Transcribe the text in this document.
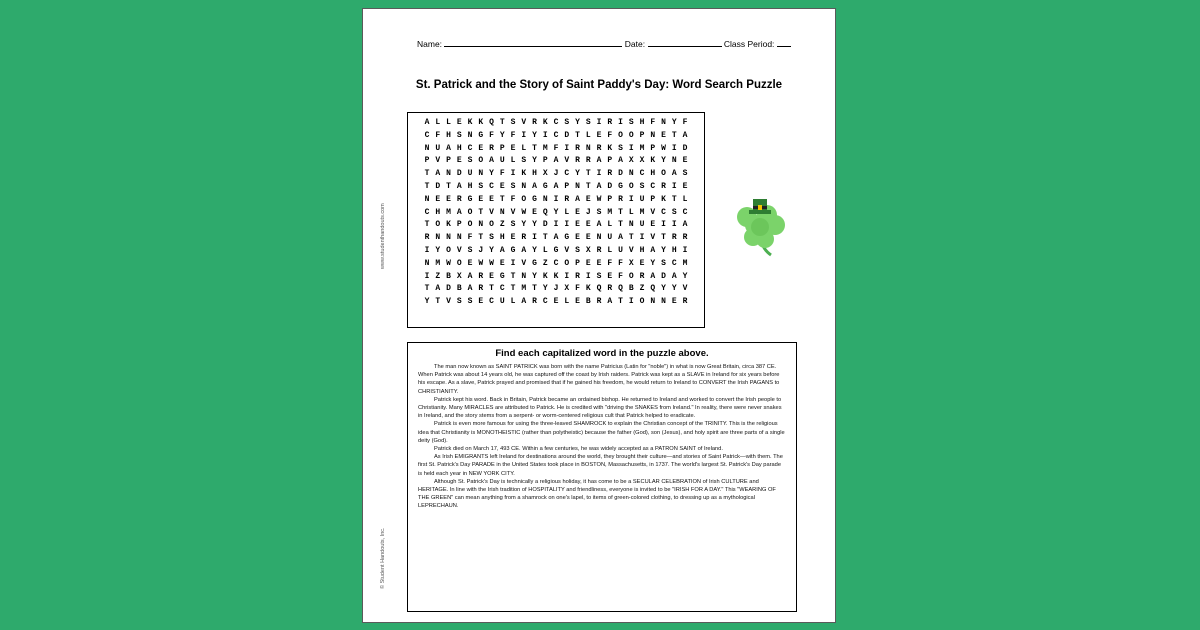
Name:	Date:	Class Period:
St. Patrick and the Story of Saint Paddy's Day: Word Search Puzzle
www.studenthandouts.com
© Student Handouts, Inc.
A L L E K K Q T S V R K C S Y S I R I S H F N Y F
C F H S N G F Y F I Y I C D T L E F O O P N E T A
N U A H C E R P E L T M F I R N R K S I M P W I D
P V P E S O A U L S Y P A V R R A P A X X K Y N E
T A N D U N Y F I K H X J C Y T I R D N C H O A S
T D T A H S C E S N A G A P N T A D G O S C R I E
N E E R G E E T F O G N I R A E W P R I U P K T L
C H M A O T V N V W E Q Y L E J S M T L M V C S C
T O K P O N O Z S Y Y D I I E E A L T N U E I I A
R N N N F T S H E R I T A G E E N U A T I V T R R
I Y O V S J Y A G A Y L G V S X R L U V H A Y H I
N M W O E W W E I V G Z C O P E E F F X E Y S C M
I Z B X A R E G T N Y K K I R I S E F O R A D A Y
T A D B A R T C T M T Y J X F K Q R Q B Z Q Y Y V
Y T V S S E C U L A R C E L E B R A T I O N N E R
Find each capitalized word in the puzzle above.

The man now known as SAINT PATRICK was born with the name Patricius (Latin for "noble") in what is now Great Britain, circa 387 CE. When Patrick was about 14 years old, he was captured off the coast by Irish raiders. Patrick was kept as a SLAVE in Ireland for six years before his escape. As a slave, Patrick prayed and promised that if he gained his freedom, he would return to Ireland to CONVERT the Irish PAGANS to CHRISTIANITY.

Patrick kept his word. Back in Britain, Patrick became an ordained bishop. He returned to Ireland and worked to convert the Irish people to Christianity. Many MIRACLES are attributed to Patrick. He is credited with "driving the SNAKES from Ireland." In reality, there were never snakes in Ireland, and the story stems from a serpent- or worm-centered religious cult that Patrick helped to eradicate.

Patrick is even more famous for using the three-leaved SHAMROCK to explain the Christian concept of the TRINITY. This is the religious idea that Christianity is MONOTHEISTIC (rather than polytheistic) because the father (God), son (Jesus), and holy spirit are three parts of a single deity (God).

Patrick died on March 17, 493 CE. Within a few centuries, he was widely accepted as a PATRON SAINT of Ireland.

As Irish EMIGRANTS left Ireland for destinations around the world, they brought their culture—and stories of Saint Patrick—with them. The first St. Patrick's Day PARADE in the United States took place in BOSTON, Massachusetts, in 1737. The world's largest St. Patrick's Day parade is held each year in NEW YORK CITY.

Although St. Patrick's Day is technically a religious holiday, it has come to be a SECULAR CELEBRATION of Irish CULTURE and HERITAGE. In line with the Irish tradition of HOSPITALITY and friendliness, everyone is invited to be "IRISH FOR A DAY." This "WEARING OF THE GREEN" can mean anything from a shamrock on one's lapel, to items of green-colored clothing, to dressing up as a mythological LEPRECHAUN.
